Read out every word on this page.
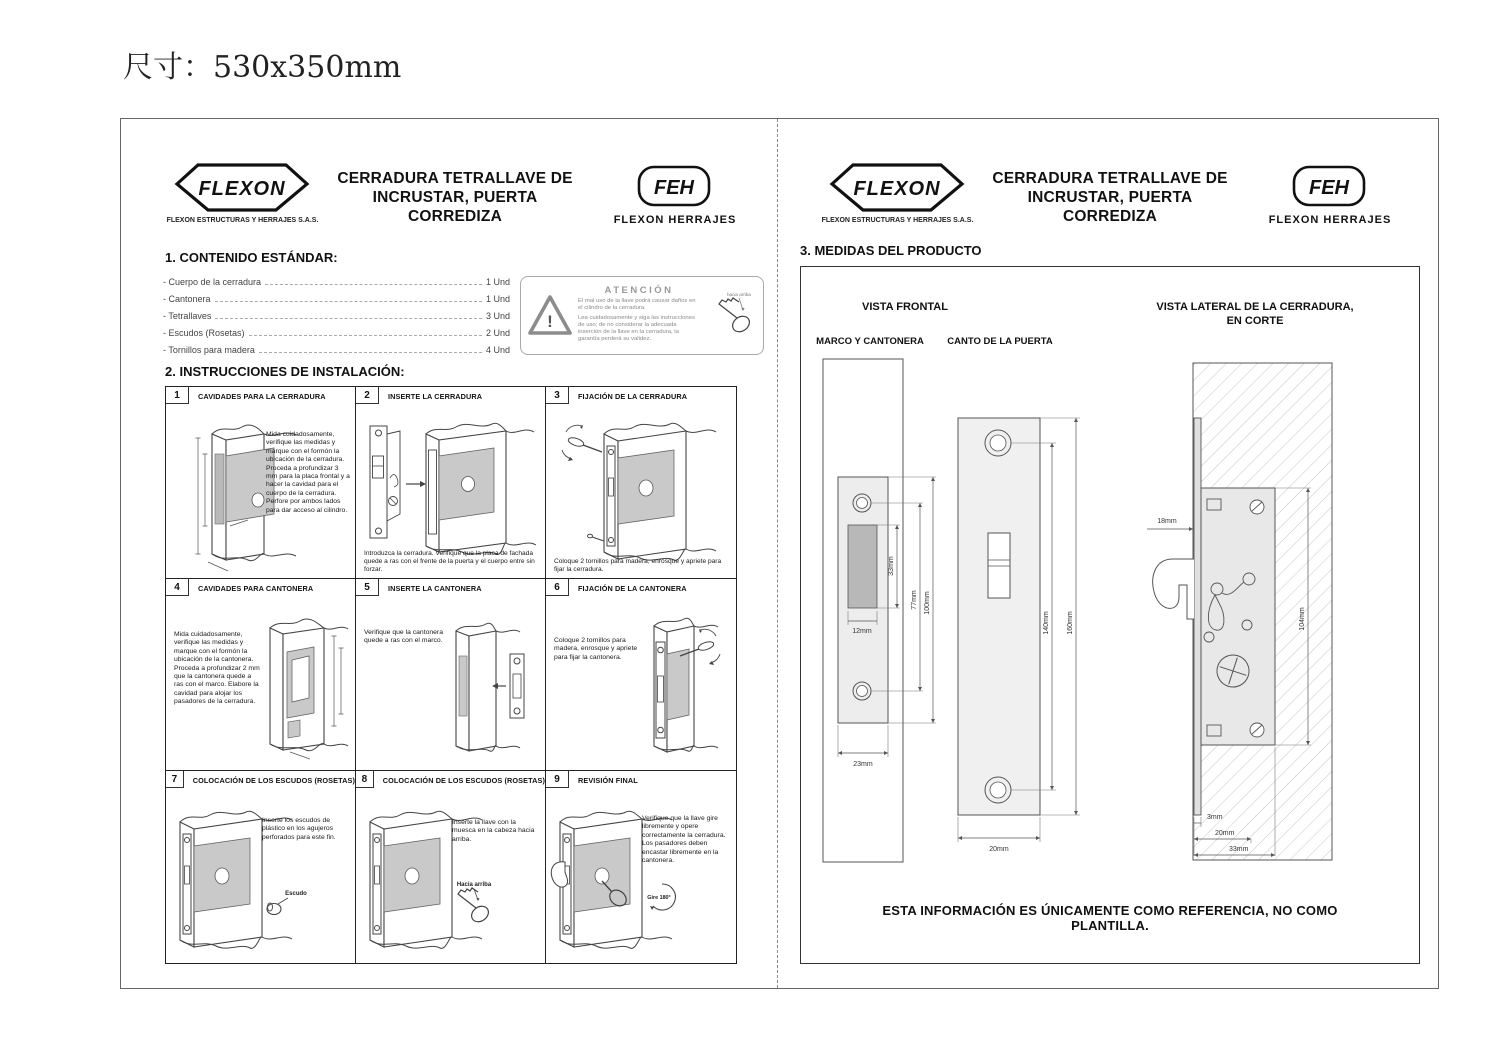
尺寸：530x350mm
FLEXON
FLEXON ESTRUCTURAS Y HERRAJES S.A.S.
CERRADURA TETRALLAVE DE
INCRUSTAR, PUERTA
CORREDIZA
FEH
FLEXON HERRAJES
1. CONTENIDO ESTÁNDAR:
- Cuerpo de la cerradura	1 Und
- Cantonera	1 Und
- Tetrallaves	3 Und
- Escudos (Rosetas)	2 Und
- Tornillos para madera	4 Und
!
ATENCIÓN

El mal uso de la llave podrá causar daños en el cilindro de la cerradura.

Lea cuidadosamente y siga las instrucciones de uso; de no considerar la adecuada inserción de la llave en la cerradura, la garantía perderá su validez.

hacia arriba
2. INSTRUCCIONES DE INSTALACIÓN:
1	CAVIDADES PARA LA CERRADURA
Mida cuidadosamente, verifique las medidas y marque con el formón la ubicación de la cerradura. Proceda a profundizar 3 mm para la placa frontal y a hacer la cavidad para el cuerpo de la cerradura. Perfore por ambos lados para dar acceso al cilindro.
2	INSERTE LA CERRADURA
Introduzca la cerradura. Verifique que la placa de fachada quede a ras con el frente de la puerta y el cuerpo entre sin forzar.
3	FIJACIÓN DE LA CERRADURA
Coloque 2 tornillos para madera, enrosque y apriete para fijar la cerradura.
4	CAVIDADES PARA CANTONERA
Mida cuidadosamente, verifique las medidas y marque con el formón la ubicación de la cantonera. Proceda a profundizar 2 mm que la cantonera quede a ras con el marco. Elabore la cavidad para alojar los pasadores de la cerradura.
5	INSERTE LA CANTONERA
Verifique que la cantonera quede a ras con el marco.
6	FIJACIÓN DE LA CANTONERA
Coloque 2 tornillos para madera, enrosque y apriete para fijar la cantonera.
7	COLOCACIÓN DE LOS ESCUDOS (ROSETAS)
Escudo
Inserte los escudos de plástico en los agujeros perforados para este fin.
8	COLOCACIÓN DE LOS ESCUDOS (ROSETAS)
Hacia arriba
Inserte la llave con la muesca en la cabeza hacia arriba.
9	REVISIÓN FINAL
Gire 180°
Verifique que la llave gire libremente y opere correctamente la cerradura. Los pasadores deben encastar libremente en la cantonera.
FLEXON
FLEXON ESTRUCTURAS Y HERRAJES S.A.S.
CERRADURA TETRALLAVE DE
INCRUSTAR, PUERTA
CORREDIZA
FEH
FLEXON HERRAJES
3. MEDIDAS DEL PRODUCTO
VISTA FRONTAL	VISTA LATERAL DE LA CERRADURA,
EN CORTE
MARCO Y CANTONERA	CANTO DE LA PUERTA
12mm
33mm
77mm 100mm
23mm
140mm 160mm
20mm
18mm
104mm
3mm
20mm
33mm
ESTA INFORMACIÓN ES ÚNICAMENTE COMO REFERENCIA, NO COMO PLANTILLA.
